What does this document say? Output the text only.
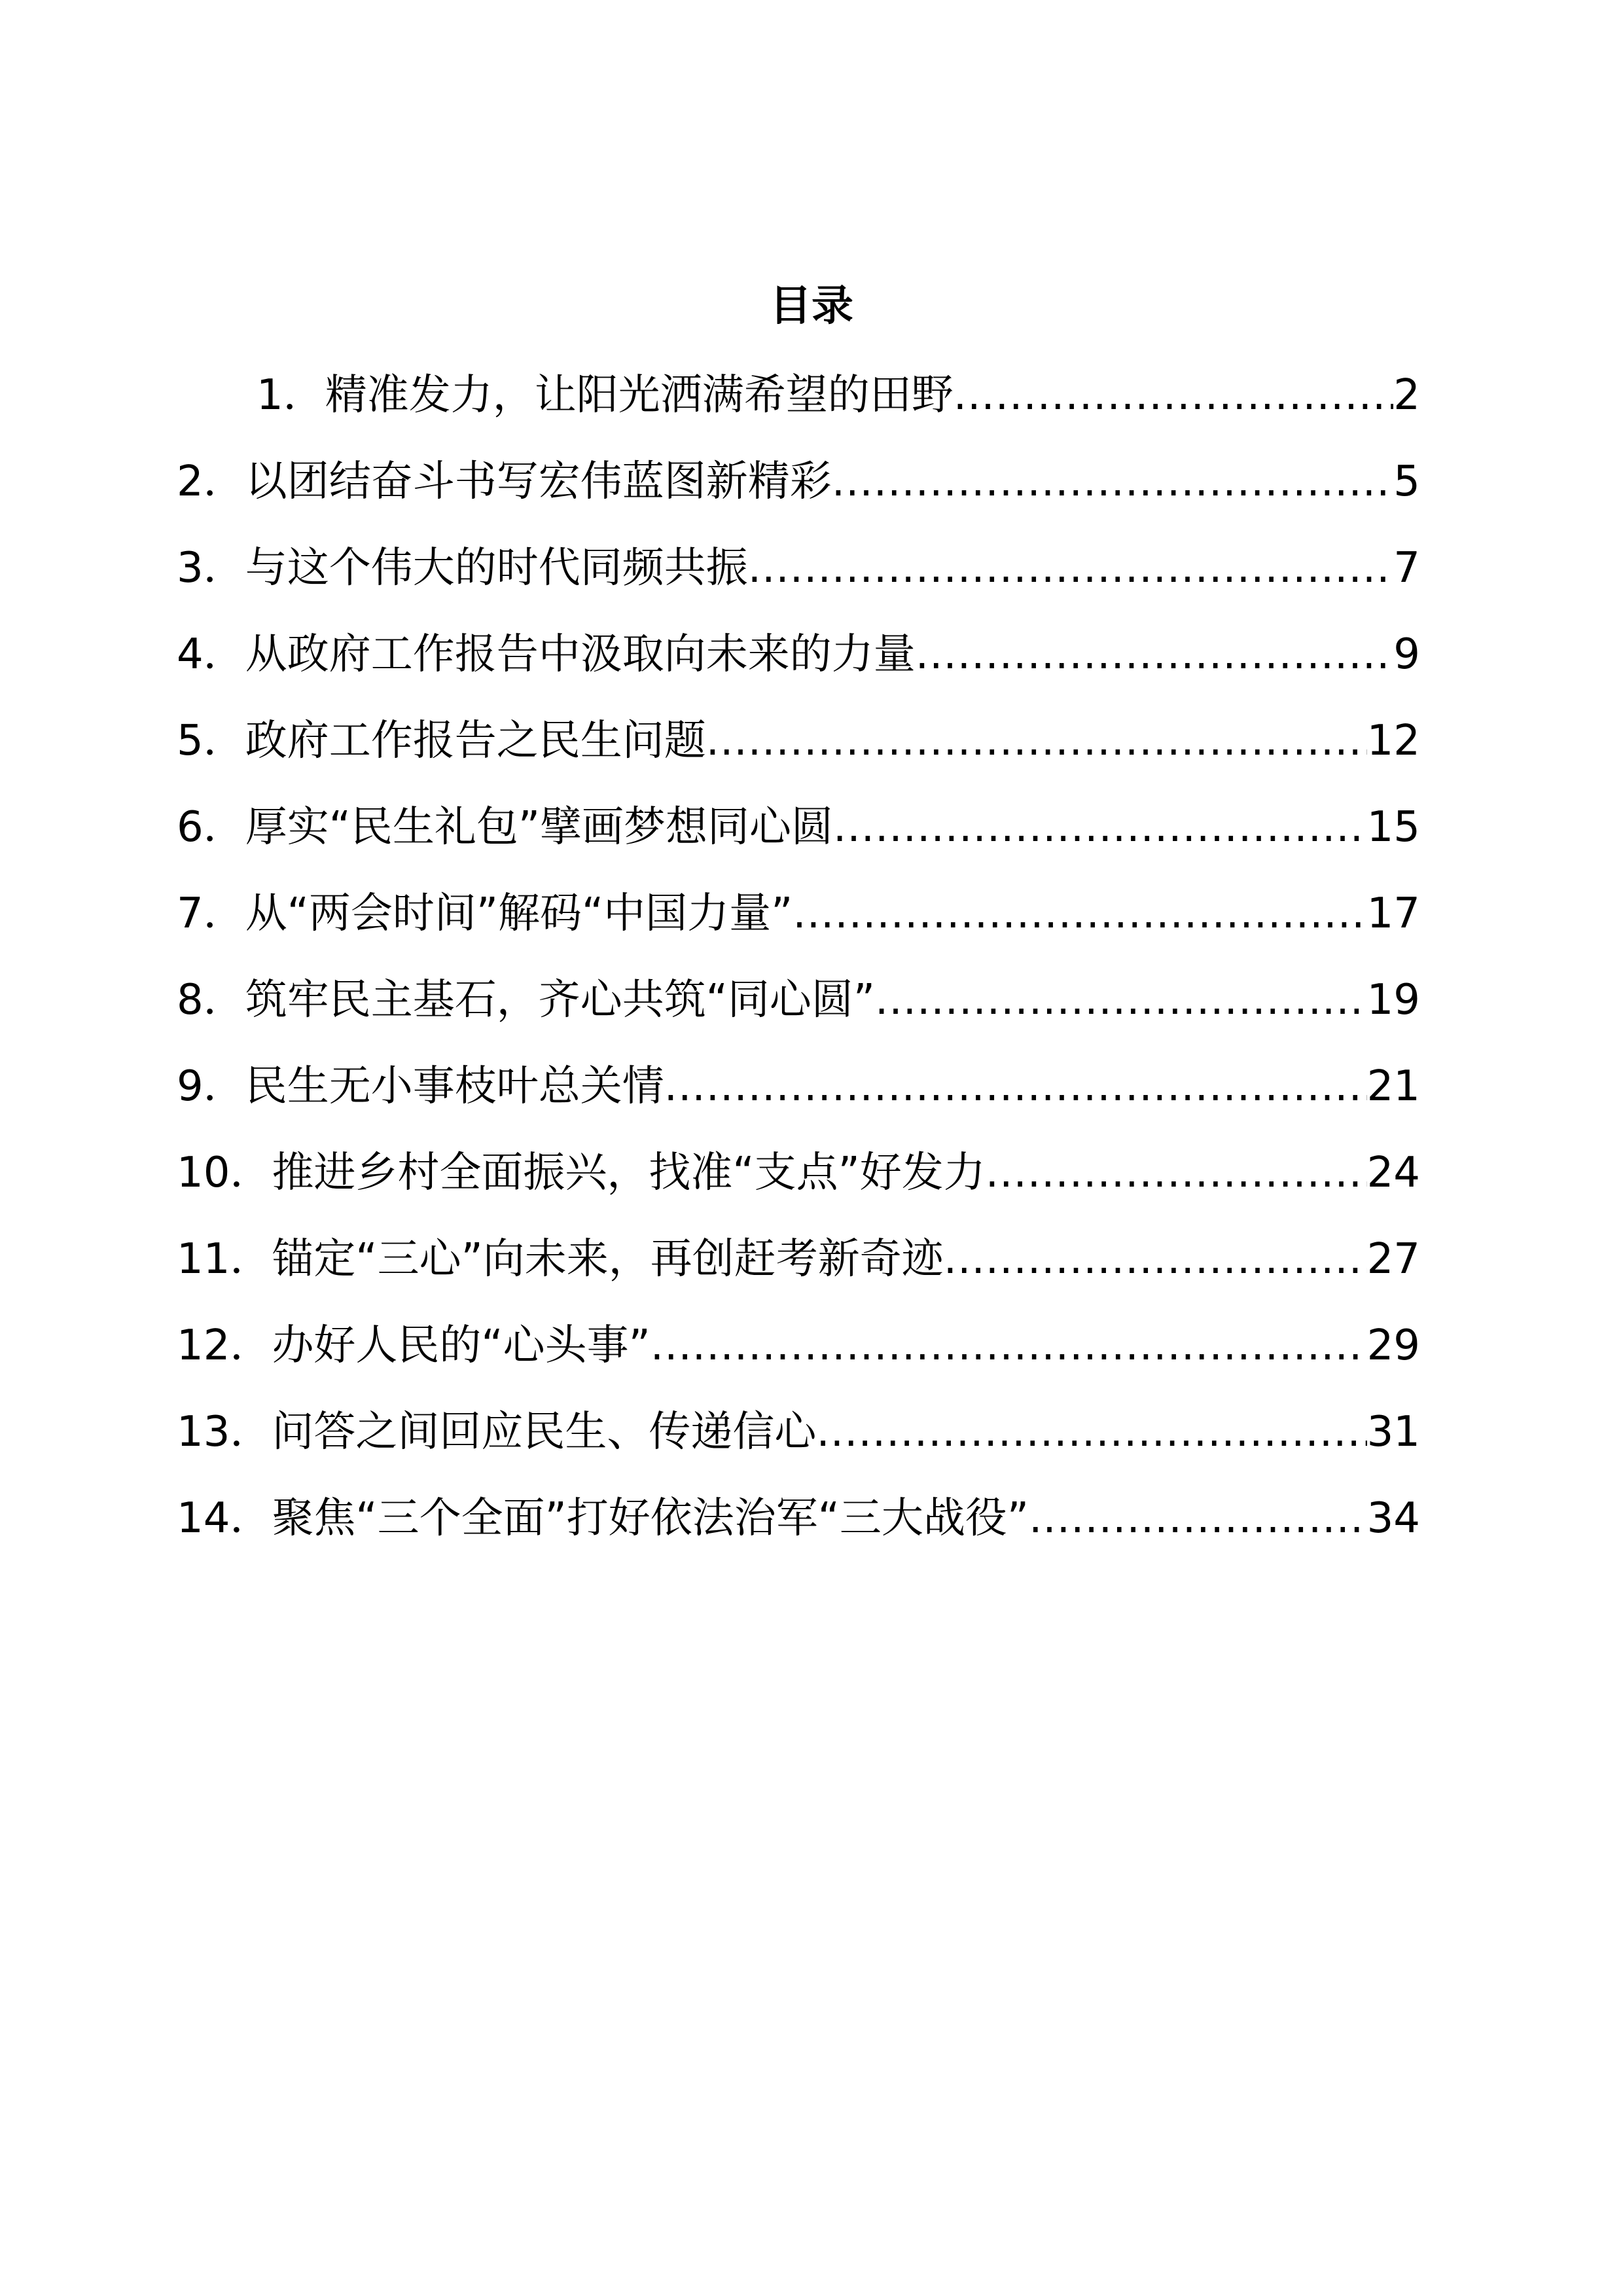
目录
1． 精准发力，让阳光洒满希望的田野 .....	2
2． 以团结奋斗书写宏伟蓝图新精彩 .....	5
3． 与这个伟大的时代同频共振 .....	7
4． 从政府工作报告中汲取向未来的力量 .....	9
5． 政府工作报告之民生问题 .....	12
6． 厚实“民生礼包”擘画梦想同心圆 .....	15
7． 从“两会时间”解码“中国力量” .....	17
8． 筑牢民主基石，齐心共筑“同心圆” .....	19
9． 民生无小事枝叶总关情 .....	21
10． 推进乡村全面振兴，找准“支点”好发力 .....	24
11． 锚定“三心”向未来，再创赶考新奇迹 .....	27
12． 办好人民的“心头事” .....	29
13． 问答之间回应民生、传递信心 .....	31
14． 聚焦“三个全面”打好依法治军“三大战役” .....	34
